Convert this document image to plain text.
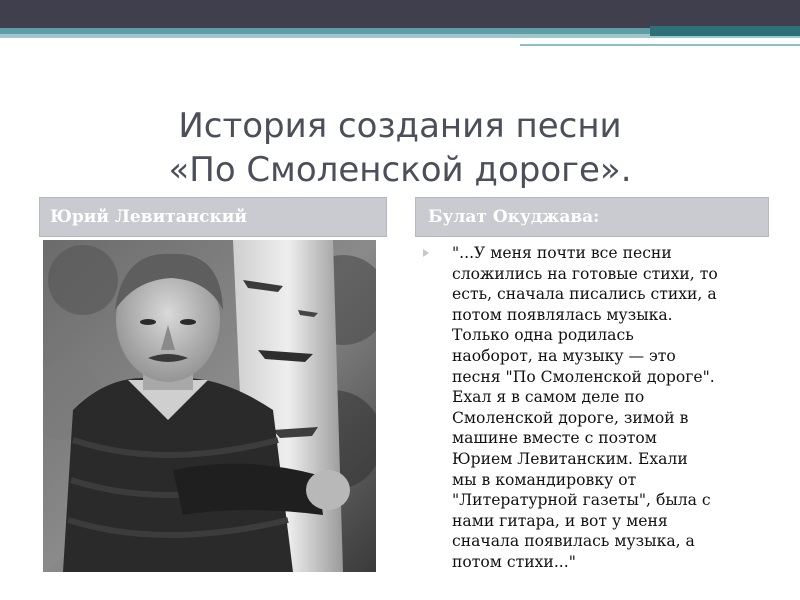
История создания песни
«По Смоленской дороге».
Юрий Левитанский	Булат Окуджава:
"...У меня почти все песни
сложились на готовые стихи, то
есть, сначала писались стихи, а
потом появлялась музыка.
Только одна родилась
наоборот, на музыку — это
песня "По Смоленской дороге".
Ехал я в самом деле по
Смоленской дороге, зимой в
машине вместе с поэтом
Юрием Левитанским. Ехали
мы в командировку от
"Литературной газеты", была с
нами гитара, и вот у меня
сначала появилась музыка, а
потом стихи..."
